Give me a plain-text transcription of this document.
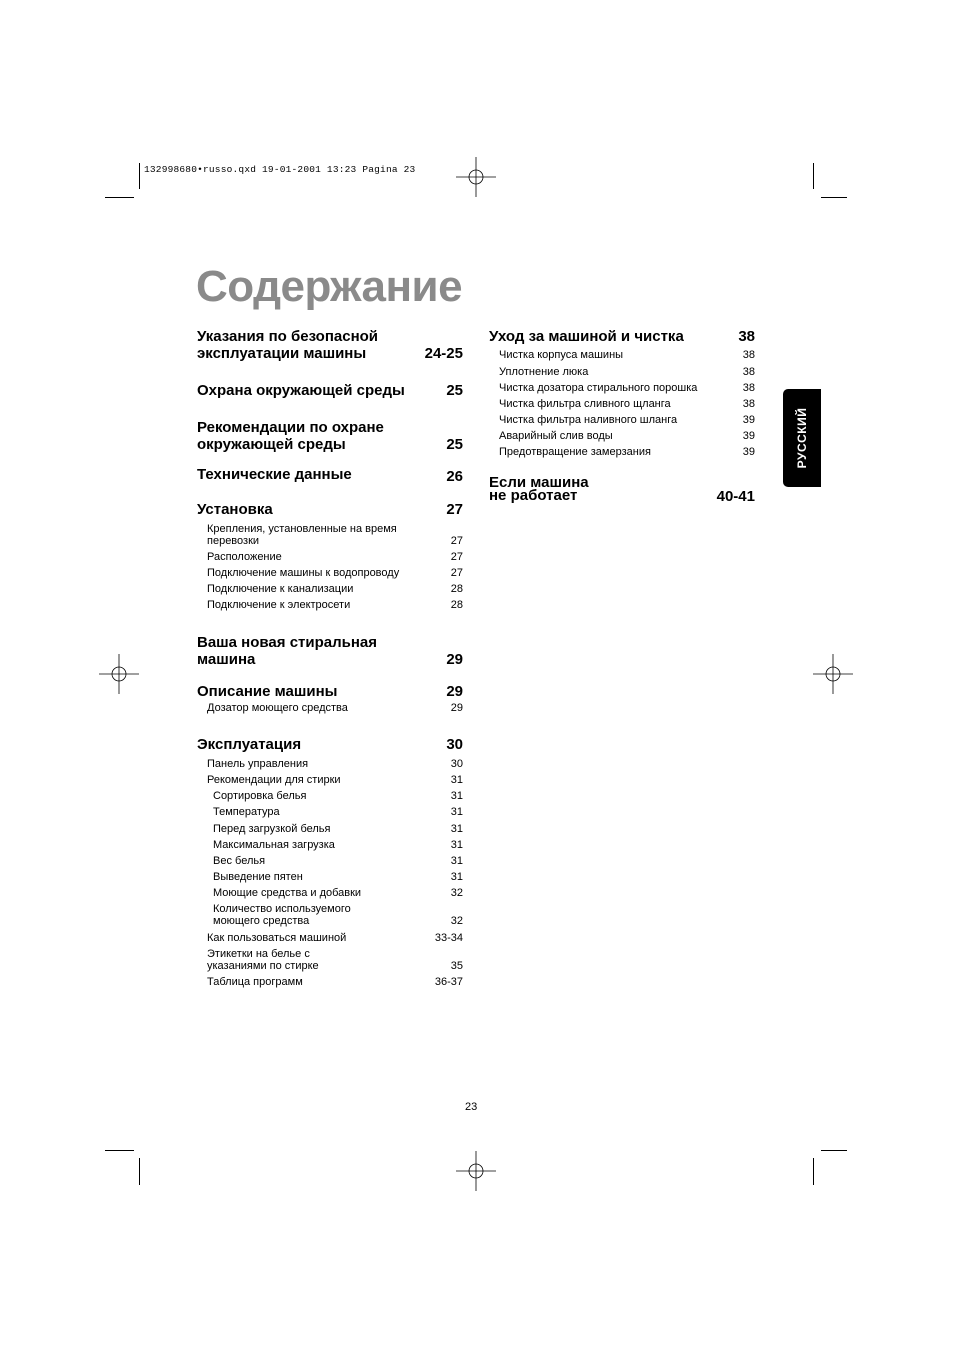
132998680•russo.qxd 19-01-2001 13:23 Pagina 23
Содержание
РУССКИЙ
Указания по безопасной
эксплуатации машины	24-25
Охрана окружающей среды	25
Рекомендации по охране
окружающей среды	25
Технические данные	26
Установка	27
Крепления, установленные на время
перевозки	27
Расположение	27
Подключение машины к водопроводу	27
Подключение к канализации	28
Подключение к электросети	28
Ваша новая стиральная
машина	29
Описание машины	29
Дозатор моющего средства	29
Эксплуатация	30
Панель управления	30
Рекомендации для стирки	31
Сортировка белья	31
Температура	31
Перед загрузкой белья	31
Максимальная загрузка	31
Вес белья	31
Выведение пятен	31
Моющие средства и добавки	32
Количество используемого
моющего средства	32
Как пользоваться машиной	33-34
Этикетки на белье с
указаниями по стирке	35
Таблица программ	36-37
Уход за машиной и чистка	38
Чистка корпуса машины	38
Уплотнение люка	38
Чистка дозатора стирального порошка	38
Чистка фильтра сливного щланга	38
Чистка фильтра наливного шланга	39
Аварийный слив воды	39
Предотвращение замерзания	39
Если машина
не работает	40-41
23
